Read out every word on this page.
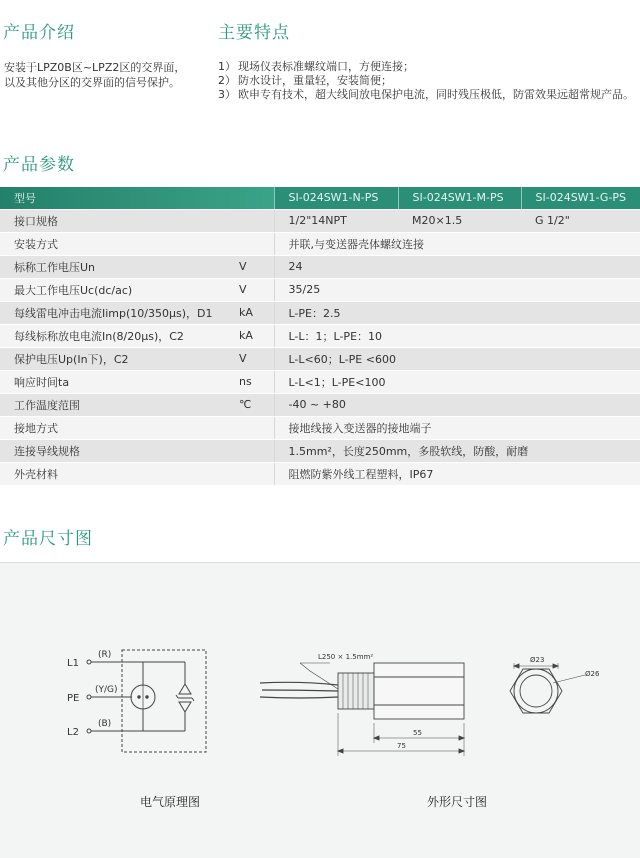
产品介绍
安装于LPZ0B区~LPZ2区的交界面，
以及其他分区的交界面的信号保护。
主要特点
1） 现场仪表标准螺纹端口，方便连接；
2） 防水设计，重量轻，安装简便；
3） 欧申专有技术，超大线间放电保护电流，同时残压极低，防雷效果远超常规产品。
产品参数
型号		SI-024SW1-N-PS	SI-024SW1-M-PS	SI-024SW1-G-PS
接口规格		1/2"14NPT	M20×1.5	G 1/2"
安装方式		并联,与变送器壳体螺纹连接		
标称工作电压Un	V	24		
最大工作电压Uc(dc/ac)	V	35/25		
每线雷电冲击电流Iimp(10/350μs)，D1	kA	L-PE：2.5		
每线标称放电电流In(8/20μs)，C2	kA	L-L：1；L-PE：10		
保护电压Up(In下)，C2	V	L-L<60；L-PE <600		
响应时间ta	ns	L-L<1；L-PE<100		
工作温度范围	℃	-40 ~ +80		
接地方式		接地线接入变送器的接地端子		
连接导线规格		1.5mm²，长度250mm，多股软线，防酸，耐磨		
外壳材料		阻燃防紫外线工程塑料，IP67		
产品尺寸图
L1
PE
L2
(R)
(Y/G)
(B)
L250 × 1.5mm²
55
75
Ø23
Ø26
电气原理图	外形尺寸图
